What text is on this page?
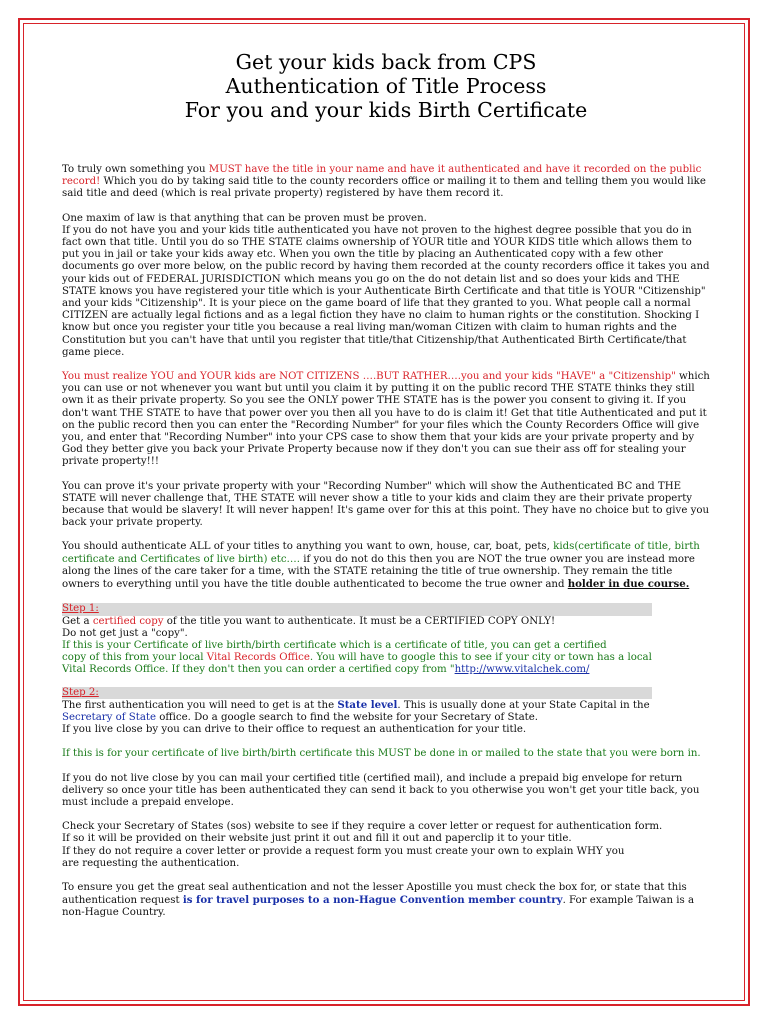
Get your kids back from CPS
Authentication of Title Process
For you and your kids Birth Certificate

To truly own something you MUST have the title in your name and have it authenticated and have it recorded on the public record! Which you do by taking said title to the county recorders office or mailing it to them and telling them you would like said title and deed (which is real private property) registered by have them record it.

One maxim of law is that anything that can be proven must be proven.
If you do not have you and your kids title authenticated you have not proven to the highest degree possible that you do in fact own that title. Until you do so THE STATE claims ownership of YOUR title and YOUR KIDS title which allows them to put you in jail or take your kids away etc. When you own the title by placing an Authenticated copy with a few other documents go over more below, on the public record by having them recorded at the county recorders office it takes you and your kids out of FEDERAL JURISDICTION which means you go on the do not detain list and so does your kids and THE STATE knows you have registered your title which is your Authenticate Birth Certificate and that title is YOUR "Citizenship" and your kids "Citizenship". It is your piece on the game board of life that they granted to you. What people call a normal CITIZEN are actually legal fictions and as a legal fiction they have no claim to human rights or the constitution. Shocking I know but once you register your title you because a real living man/woman Citizen with claim to human rights and the Constitution but you can't have that until you register that title/that Citizenship/that Authenticated Birth Certificate/that game piece.

You must realize YOU and YOUR kids are NOT CITIZENS ….BUT RATHER….you and your kids "HAVE" a "Citizenship" which you can use or not whenever you want but until you claim it by putting it on the public record THE STATE thinks they still own it as their private property. So you see the ONLY power THE STATE has is the power you consent to giving it. If you don't want THE STATE to have that power over you then all you have to do is claim it! Get that title Authenticated and put it on the public record then you can enter the "Recording Number" for your files which the County Recorders Office will give you, and enter that "Recording Number" into your CPS case to show them that your kids are your private property and by God they better give you back your Private Property because now if they don't you can sue their ass off for stealing your private property!!!

You can prove it's your private property with your "Recording Number" which will show the Authenticated BC and THE STATE will never challenge that, THE STATE will never show a title to your kids and claim they are their private property because that would be slavery! It will never happen! It's game over for this at this point. They have no choice but to give you back your private property.

You should authenticate ALL of your titles to anything you want to own, house, car, boat, pets, kids(certificate of title, birth certificate and Certificates of live birth) etc…. if you do not do this then you are NOT the true owner you are instead more along the lines of the care taker for a time, with the STATE retaining the title of true ownership. They remain the title owners to everything until you have the title double authenticated to become the true owner and holder in due course.

Step 1:

Get a certified copy of the title you want to authenticate. It must be a CERTIFIED COPY ONLY!

Do not get just a "copy".

If this is your Certificate of live birth/birth certificate which is a certificate of title, you can get a certified

copy of this from your local Vital Records Office. You will have to google this to see if your city or town has a local

Vital Records Office. If they don't then you can order a certified copy from "http://www.vitalchek.com/

Step 2:

The first authentication you will need to get is at the State level. This is usually done at your State Capital in the

Secretary of State office. Do a google search to find the website for your Secretary of State.

If you live close by you can drive to their office to request an authentication for your title.

If this is for your certificate of live birth/birth certificate this MUST be done in or mailed to the state that you were born in.

If you do not live close by you can mail your certified title (certified mail), and include a prepaid big envelope for return delivery so once your title has been authenticated they can send it back to you otherwise you won't get your title back, you must include a prepaid envelope.

Check your Secretary of States (sos) website to see if they require a cover letter or request for authentication form.
If so it will be provided on their website just print it out and fill it out and paperclip it to your title.
If they do not require a cover letter or provide a request form you must create your own to explain WHY you
are requesting the authentication.

To ensure you get the great seal authentication and not the lesser Apostille you must check the box for, or state that this authentication request is for travel purposes to a non-Hague Convention member country. For example Taiwan is a non-Hague Country.
